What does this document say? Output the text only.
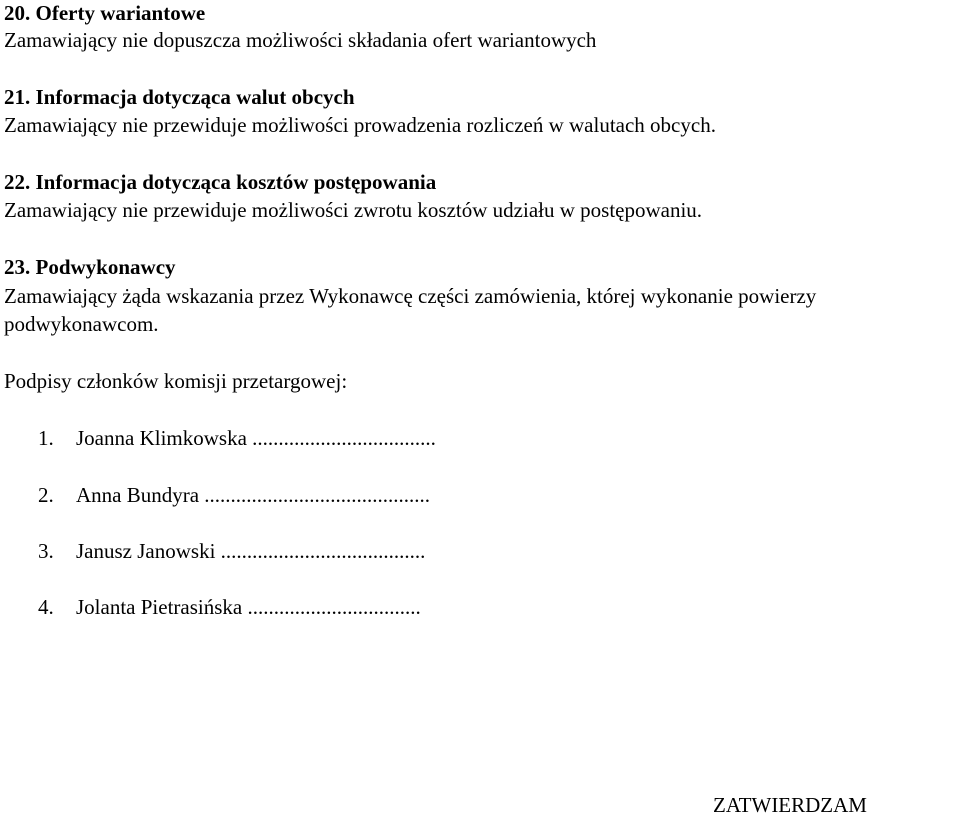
20. Oferty wariantowe
Zamawiający nie dopuszcza możliwości składania ofert wariantowych
21. Informacja dotycząca walut obcych
Zamawiający nie przewiduje możliwości prowadzenia rozliczeń w walutach obcych.
22. Informacja dotycząca kosztów postępowania
Zamawiający nie przewiduje możliwości zwrotu kosztów udziału w postępowaniu.
23. Podwykonawcy
Zamawiający żąda wskazania przez Wykonawcę części zamówienia, której wykonanie powierzy
podwykonawcom.
Podpisy członków komisji przetargowej:
1. Joanna Klimkowska ...................................
2. Anna Bundyra ...........................................
3. Janusz Janowski .......................................
4. Jolanta Pietrasińska .................................
ZATWIERDZAM
